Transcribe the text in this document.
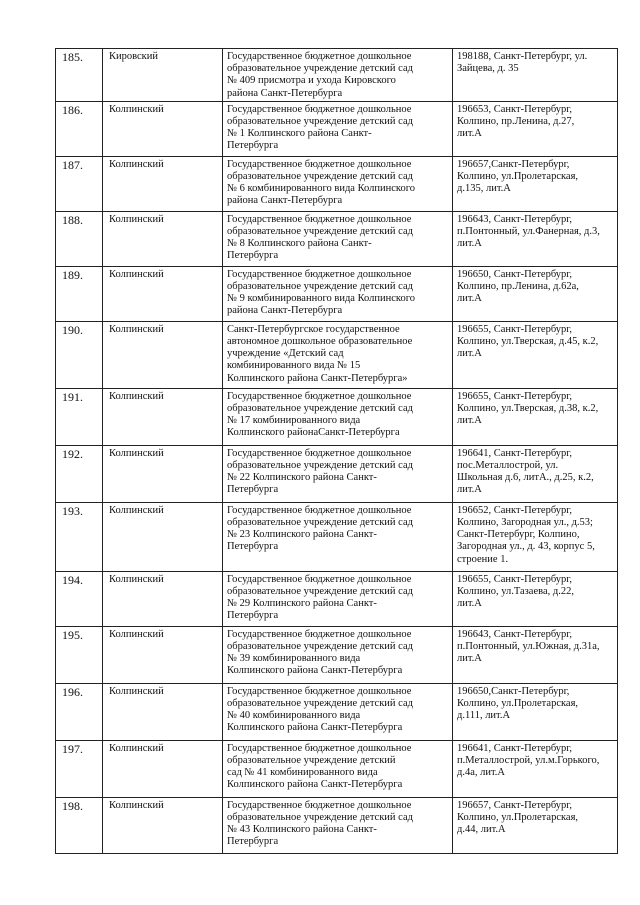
185.	Кировский	Государственное бюджетное дошкольное
образовательное учреждение детский сад
№ 409 присмотра и ухода Кировского
района Санкт-Петербурга	198188, Санкт-Петербург, ул.
Зайцева, д. 35

186.	Колпинский	Государственное бюджетное дошкольное
образовательное учреждение детский сад
№ 1 Колпинского района Санкт-
Петербурга	196653, Санкт-Петербург,
Колпино, пр.Ленина, д.27,
лит.А

187.	Колпинский	Государственное бюджетное дошкольное
образовательное учреждение детский сад
№ 6 комбинированного вида Колпинского
района Санкт-Петербурга	196657,Санкт-Петербург,
Колпино, ул.Пролетарская,
д.135, лит.А

188.	Колпинский	Государственное бюджетное дошкольное
образовательное учреждение детский сад
№ 8 Колпинского района Санкт-
Петербурга	196643, Санкт-Петербург,
п.Понтонный, ул.Фанерная, д.3,
лит.А

189.	Колпинский	Государственное бюджетное дошкольное
образовательное учреждение детский сад
№ 9 комбинированного вида Колпинского
района Санкт-Петербурга	196650, Санкт-Петербург,
Колпино, пр.Ленина, д.62а,
лит.А

190.	Колпинский	Санкт-Петербургское государственное
автономное дошкольное образовательное
учреждение «Детский сад
комбинированного вида № 15
Колпинского района Санкт-Петербурга»	196655, Санкт-Петербург,
Колпино, ул.Тверская, д.45, к.2,
лит.А

191.	Колпинский	Государственное бюджетное дошкольное
образовательное учреждение детский сад
№ 17 комбинированного вида
Колпинского районаСанкт-Петербурга	196655, Санкт-Петербург,
Колпино, ул.Тверская, д.38, к.2,
лит.А

192.	Колпинский	Государственное бюджетное дошкольное
образовательное учреждение детский сад
№ 22 Колпинского района Санкт-
Петербурга	196641, Санкт-Петербург,
пос.Металлострой, ул.
Школьная д.6, литА., д.25, к.2,
лит.А

193.	Колпинский	Государственное бюджетное дошкольное
образовательное учреждение детский сад
№ 23 Колпинского района Санкт-
Петербурга	196652, Санкт-Петербург,
Колпино, Загородная ул., д.53;
Санкт-Петербург, Колпино,
Загородная ул., д. 43, корпус 5,
строение 1.

194.	Колпинский	Государственное бюджетное дошкольное
образовательное учреждение детский сад
№ 29 Колпинского района Санкт-
Петербурга	196655, Санкт-Петербург,
Колпино, ул.Тазаева, д.22,
лит.А

195.	Колпинский	Государственное бюджетное дошкольное
образовательное учреждение детский сад
№ 39 комбинированного вида
Колпинского района Санкт-Петербурга	196643, Санкт-Петербург,
п.Понтонный, ул.Южная, д.31а,
лит.А

196.	Колпинский	Государственное бюджетное дошкольное
образовательное учреждение детский сад
№ 40 комбинированного вида
Колпинского района Санкт-Петербурга	196650,Санкт-Петербург,
Колпино, ул.Пролетарская,
д.111, лит.А

197.	Колпинский	Государственное бюджетное дошкольное
образовательное учреждение детский
сад № 41 комбинированного вида
Колпинского района Санкт-Петербурга	196641, Санкт-Петербург,
п.Металлострой, ул.м.Горького,
д.4а, лит.А

198.	Колпинский	Государственное бюджетное дошкольное
образовательное учреждение детский сад
№ 43 Колпинского района Санкт-
Петербурга	196657, Санкт-Петербург,
Колпино, ул.Пролетарская,
д.44, лит.А
